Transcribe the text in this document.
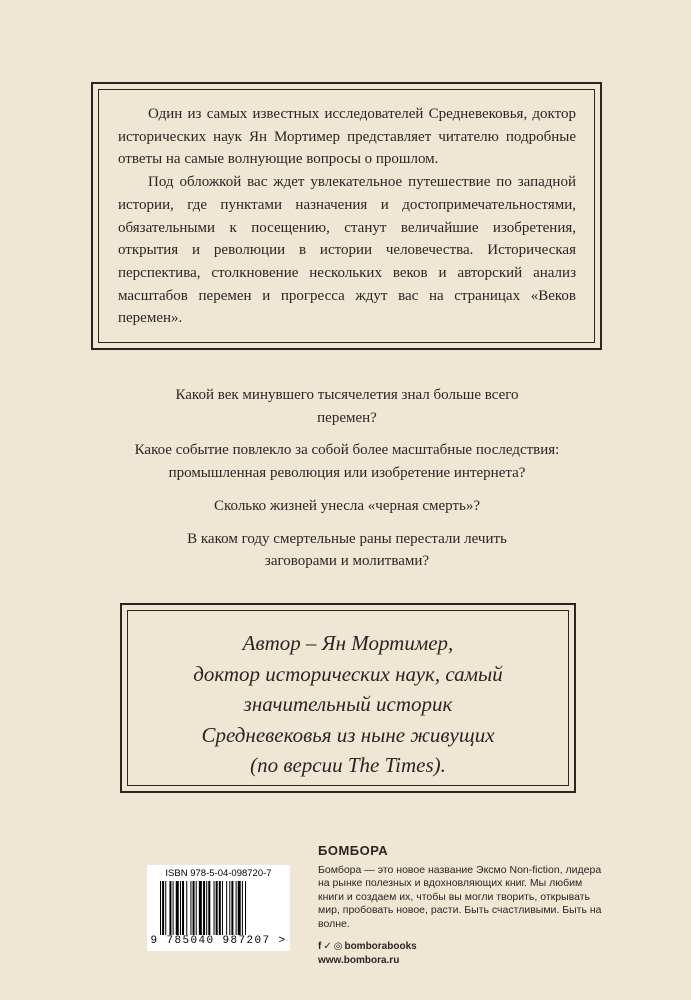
Один из самых известных исследователей Средневековья, доктор исторических наук Ян Мортимер представляет читателю подробные ответы на самые волнующие вопросы о прошлом.

Под обложкой вас ждет увлекательное путешествие по западной истории, где пунктами назначения и достопримечательностями, обязательными к посещению, станут величайшие изобретения, открытия и революции в истории человечества. Историческая перспектива, столкновение нескольких веков и авторский анализ масштабов перемен и прогресса ждут вас на страницах «Веков перемен».

Какой век минувшего тысячелетия знал больше всего перемен?

Какое событие повлекло за собой более масштабные последствия: промышленная революция или изобретение интернета?

Сколько жизней унесла «черная смерть»?

В каком году смертельные раны перестали лечить заговорами и молитвами?

Автор – Ян Мортимер,
доктор исторических наук, самый
значительный историк
Средневековья из ныне живущих
(по версии The Times).
ISBN 978-5-04-098720-7
9 785040 987207 >
БОМБОРА
Бомбора — это новое название Эксмо Non-fiction, лидера на рынке полезных и вдохновляющих книг. Мы любим книги и создаем их, чтобы вы могли творить, открывать мир, пробовать новое, расти. Быть счастливыми. Быть на волне.
f ✓ ◎ bomborabooks
www.bombora.ru
